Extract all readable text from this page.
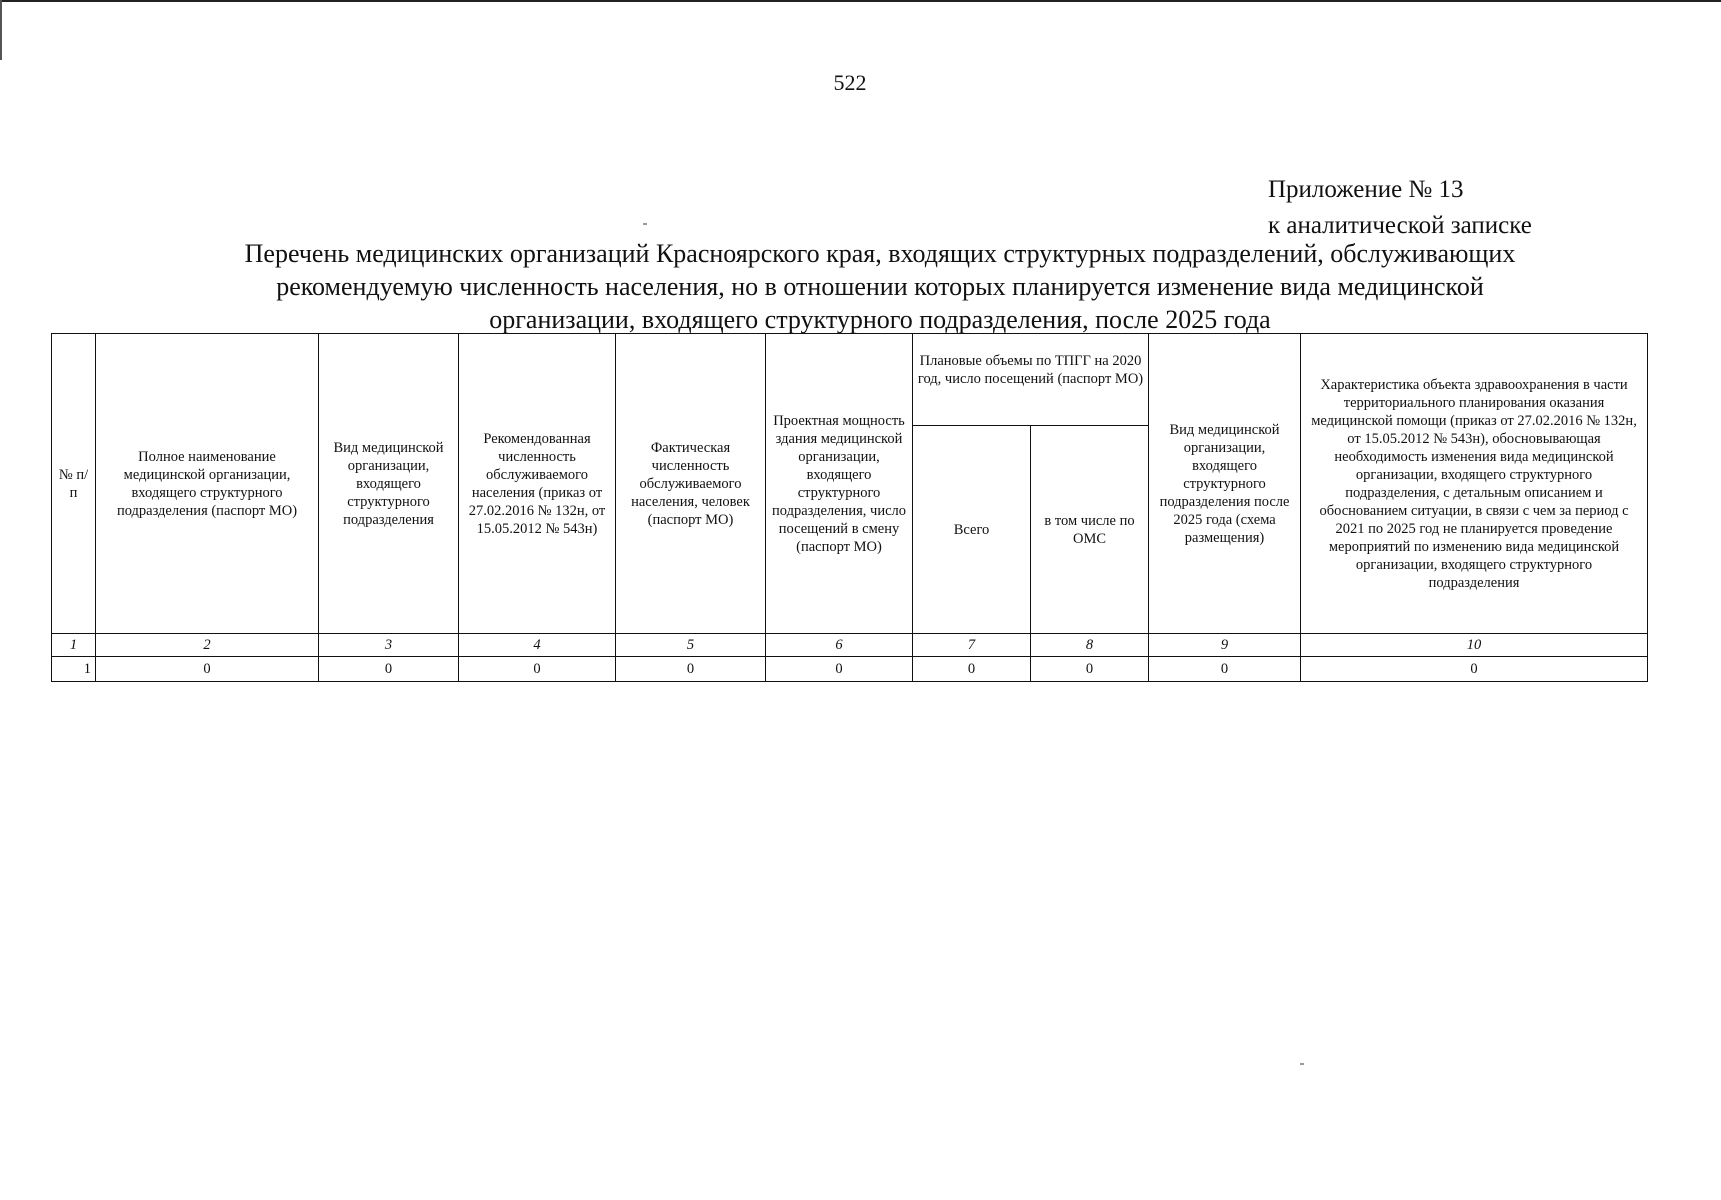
522
Приложение № 13
к аналитической записке
Перечень медицинских организаций Красноярского края, входящих структурных подразделений, обслуживающих
рекомендуемую численность населения, но в отношении которых планируется изменение вида медицинской
организации, входящего структурного подразделения, после 2025 года
№ п/п	Полное наименование медицинской организации, входящего структурного подразделения (паспорт МО)	Вид медицинской организации, входящего структурного подразделения	Рекомендованная численность обслуживаемого населения (приказ от 27.02.2016 № 132н, от 15.05.2012 № 543н)	Фактическая численность обслуживаемого населения, человек (паспорт МО)	Проектная мощность здания медицинской организации, входящего структурного подразделения, число посещений в смену (паспорт МО)	Плановые объемы по ТПГГ на 2020 год, число посещений (паспорт МО)		Вид медицинской организации, входящего структурного подразделения после 2025 года (схема размещения)	Характеристика объекта здравоохранения в части территориального планирования оказания медицинской помощи (приказ от 27.02.2016 № 132н, от 15.05.2012 № 543н), обосновывающая необходимость изменения вида медицинской организации, входящего структурного подразделения, с детальным описанием и обоснованием ситуации, в связи с чем за период с 2021 по 2025 год не планируется проведение мероприятий по изменению вида медицинской организации, входящего структурного подразделения
						Всего	в том числе по ОМС		
1	2	3	4	5	6	7	8	9	10
1	0	0	0	0	0	0	0	0	0
